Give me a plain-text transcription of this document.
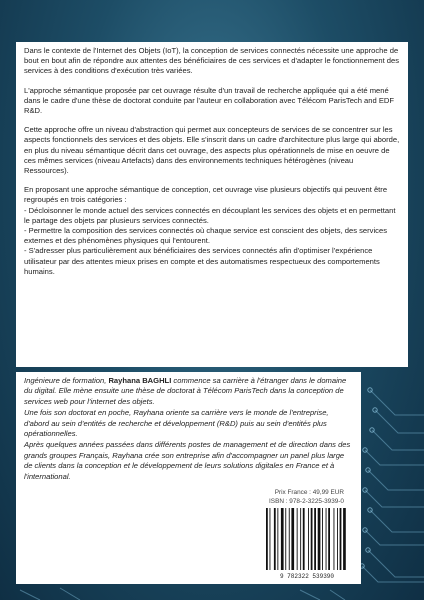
Dans le contexte de l'Internet des Objets (IoT), la conception de services connectés nécessite une approche de bout en bout afin de répondre aux attentes des bénéficiaires de ces services et d'adapter le fonctionnement des services à des conditions d'exécution très variées.

L'approche sémantique proposée par cet ouvrage résulte d'un travail de recherche appliquée qui a été mené dans le cadre d'une thèse de doctorat conduite par l'auteur en collaboration avec Télécom ParisTech and EDF R&D.

Cette approche offre un niveau d'abstraction qui permet aux concepteurs de services de se concentrer sur les aspects fonctionnels des services et des objets. Elle s'inscrit dans un cadre d'architecture plus large qui aborde, en plus du niveau sémantique décrit dans cet ouvrage, des aspects plus opérationnels de mise en oeuvre de ces mêmes services (niveau Artefacts) dans des environnements techniques hétérogènes (niveau Ressources).

En proposant une approche sémantique de conception, cet ouvrage vise plusieurs objectifs qui peuvent être regroupés en trois catégories :
- Décloisonner le monde actuel des services connectés en découplant les services des objets et en permettant le partage des objets par plusieurs services connectés.
- Permettre la composition des services connectés où chaque service est conscient des objets, des services externes et des phénomènes physiques qui l'entourent.
- S'adresser plus particulièrement aux bénéficiaires des services connectés afin d'optimiser l'expérience utilisateur par des attentes mieux prises en compte et des automatismes respectueux des comportements humains.

Ingénieure de formation, Rayhana BAGHLI commence sa carrière à l'étranger dans le domaine du digital. Elle mène ensuite une thèse de doctorat à Télécom ParisTech dans la conception de services web pour l'internet des objets.

Une fois son doctorat en poche, Rayhana oriente sa carrière vers le monde de l'entreprise, d'abord au sein d'entités de recherche et développement (R&D) puis au sein d'entités plus opérationnelles.

Après quelques années passées dans différents postes de management et de direction dans des grands groupes Français, Rayhana crée son entreprise afin d'accompagner un panel plus large de clients dans la conception et le développement de leurs solutions digitales en France et à l'international.

Prix France : 49,99 EUR
ISBN : 978-2-3225-3939-0
9 782322 539390
